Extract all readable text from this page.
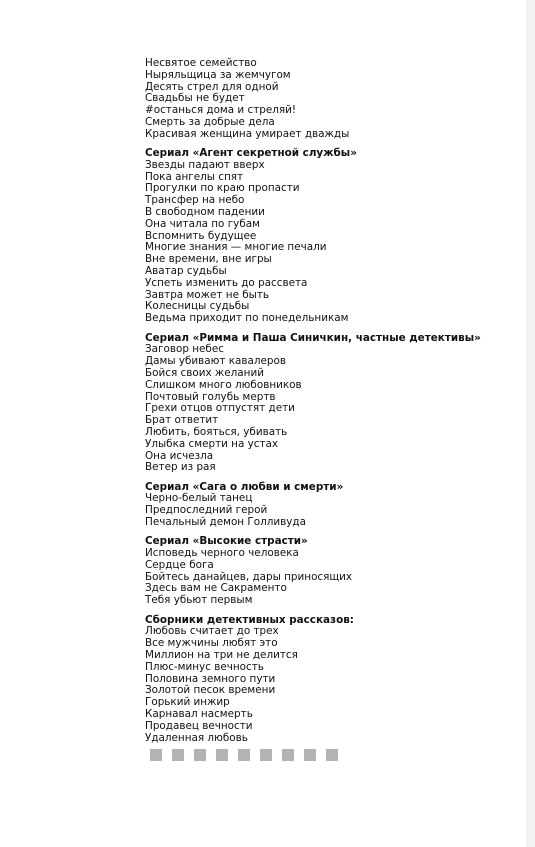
Несвятое семейство

Ныряльщица за жемчугом

Десять стрел для одной

Свадьбы не будет

#останься дома и стреляй!

Смерть за добрые дела

Красивая женщина умирает дважды

Сериал «Агент секретной службы»

Звезды падают вверх

Пока ангелы спят

Прогулки по краю пропасти

Трансфер на небо

В свободном падении

Она читала по губам

Вспомнить будущее

Многие знания — многие печали

Вне времени, вне игры

Аватар судьбы

Успеть изменить до рассвета

Завтра может не быть

Колесницы судьбы

Ведьма приходит по понедельникам

Сериал «Римма и Паша Синичкин, частные детективы»

Заговор небес

Дамы убивают кавалеров

Бойся своих желаний

Слишком много любовников

Почтовый голубь мертв

Грехи отцов отпустят дети

Брат ответит

Любить, бояться, убивать

Улыбка смерти на устах

Она исчезла

Ветер из рая

Сериал «Сага о любви и смерти»

Черно-белый танец

Предпоследний герой

Печальный демон Голливуда

Сериал «Высокие страсти»

Исповедь черного человека

Сердце бога

Бойтесь данайцев, дары приносящих

Здесь вам не Сакраменто

Тебя убьют первым

Сборники детективных рассказов:

Любовь считает до трех

Все мужчины любят это

Миллион на три не делится

Плюс-минус вечность

Половина земного пути

Золотой песок времени

Горький инжир

Карнавал насмерть

Продавец вечности

Удаленная любовь
